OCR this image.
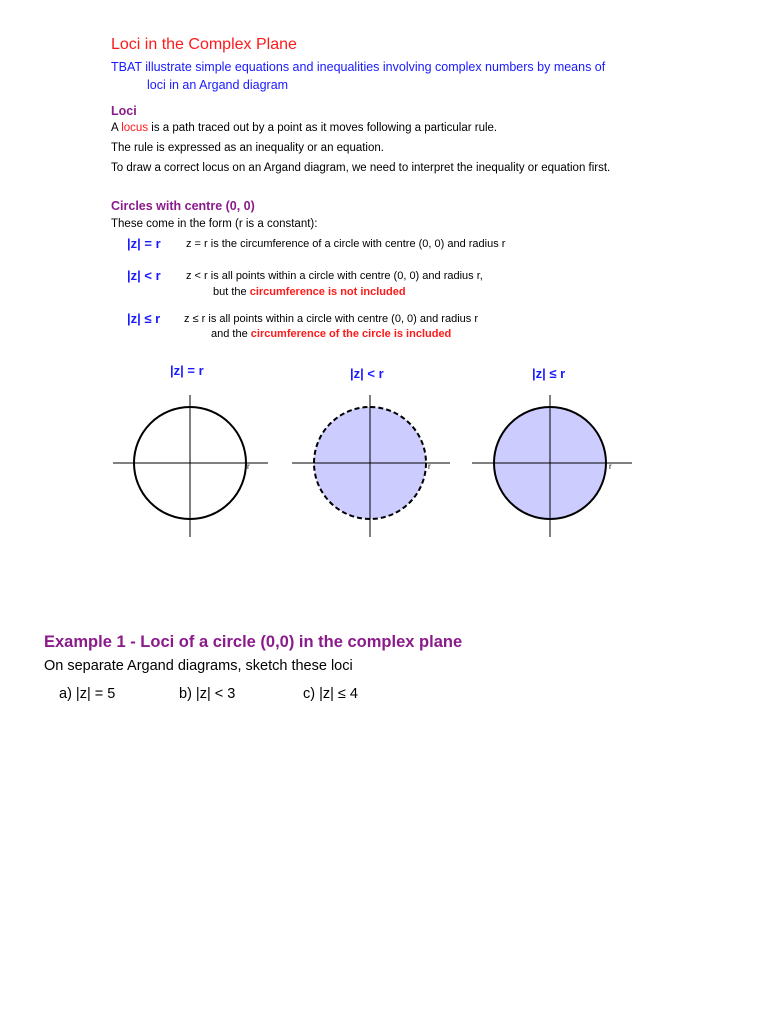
Loci in the Complex Plane
TBAT illustrate simple equations and inequalities involving complex numbers by means of
loci in an Argand diagram
Loci
A locus is a path traced out by a point as it moves following a particular rule.
The rule is expressed as an inequality or an equation.
To draw a correct locus on an Argand diagram, we need to interpret the inequality or equation first.
Circles with centre (0, 0)
These come in the form (r is a constant):
|z| = r z = r is the circumference of a circle with centre (0, 0) and radius r
|z| < r z < r is all points within a circle with centre (0, 0) and radius r,
but the circumference is not included
|z| ≤ r z ≤ r is all points within a circle with centre (0, 0) and radius r
and the circumference of the circle is included
|z| = r
r
|z| < r
r
|z| ≤ r
r
Example 1 - Loci of a circle (0,0) in the complex plane
On separate Argand diagrams, sketch these loci
a) |z| = 5	b) |z| < 3	c) |z| ≤ 4
